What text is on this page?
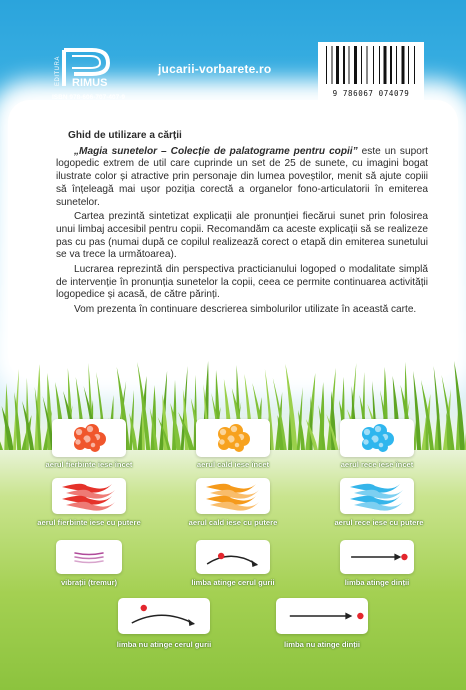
EDITURA RIMUS
jucarii-vorbarete.ro
ISBN 978-606-707-407-9	9 786067 074079
Ghid de utilizare a cărții

„Magia sunetelor – Colecție de palatograme pentru copii” este un suport logopedic extrem de util care cuprinde un set de 25 de sunete, cu imagini bogat ilustrate color și atractive prin personaje din lumea poveștilor, menit să ajute copiii să înțeleagă mai ușor poziția corectă a organelor fono-articulatorii în emiterea sunetelor.

Cartea prezintă sintetizat explicații ale pronunției fiecărui sunet prin folosirea unui limbaj accesibil pentru copii. Recomandăm ca aceste explicații să se realizeze pas cu pas (numai după ce copilul realizează corect o etapă din emiterea sunetului se va trece la următoarea).

Lucrarea reprezintă din perspectiva practicianului logoped o modalitate simplă de intervenție în pronunția sunetelor la copii, ceea ce permite continuarea activității logopedice și acasă, de către părinți.

Vom prezenta în continuare descrierea simbolurilor utilizate în această carte.

aerul fierbinte iese încet	aerul cald iese încet	aerul rece iese încet
aerul fierbinte iese cu putere	aerul cald iese cu putere	aerul rece iese cu putere
vibrații (tremur)	limba atinge cerul gurii	limba atinge dinții
limba nu atinge cerul gurii	limba nu atinge dinții
